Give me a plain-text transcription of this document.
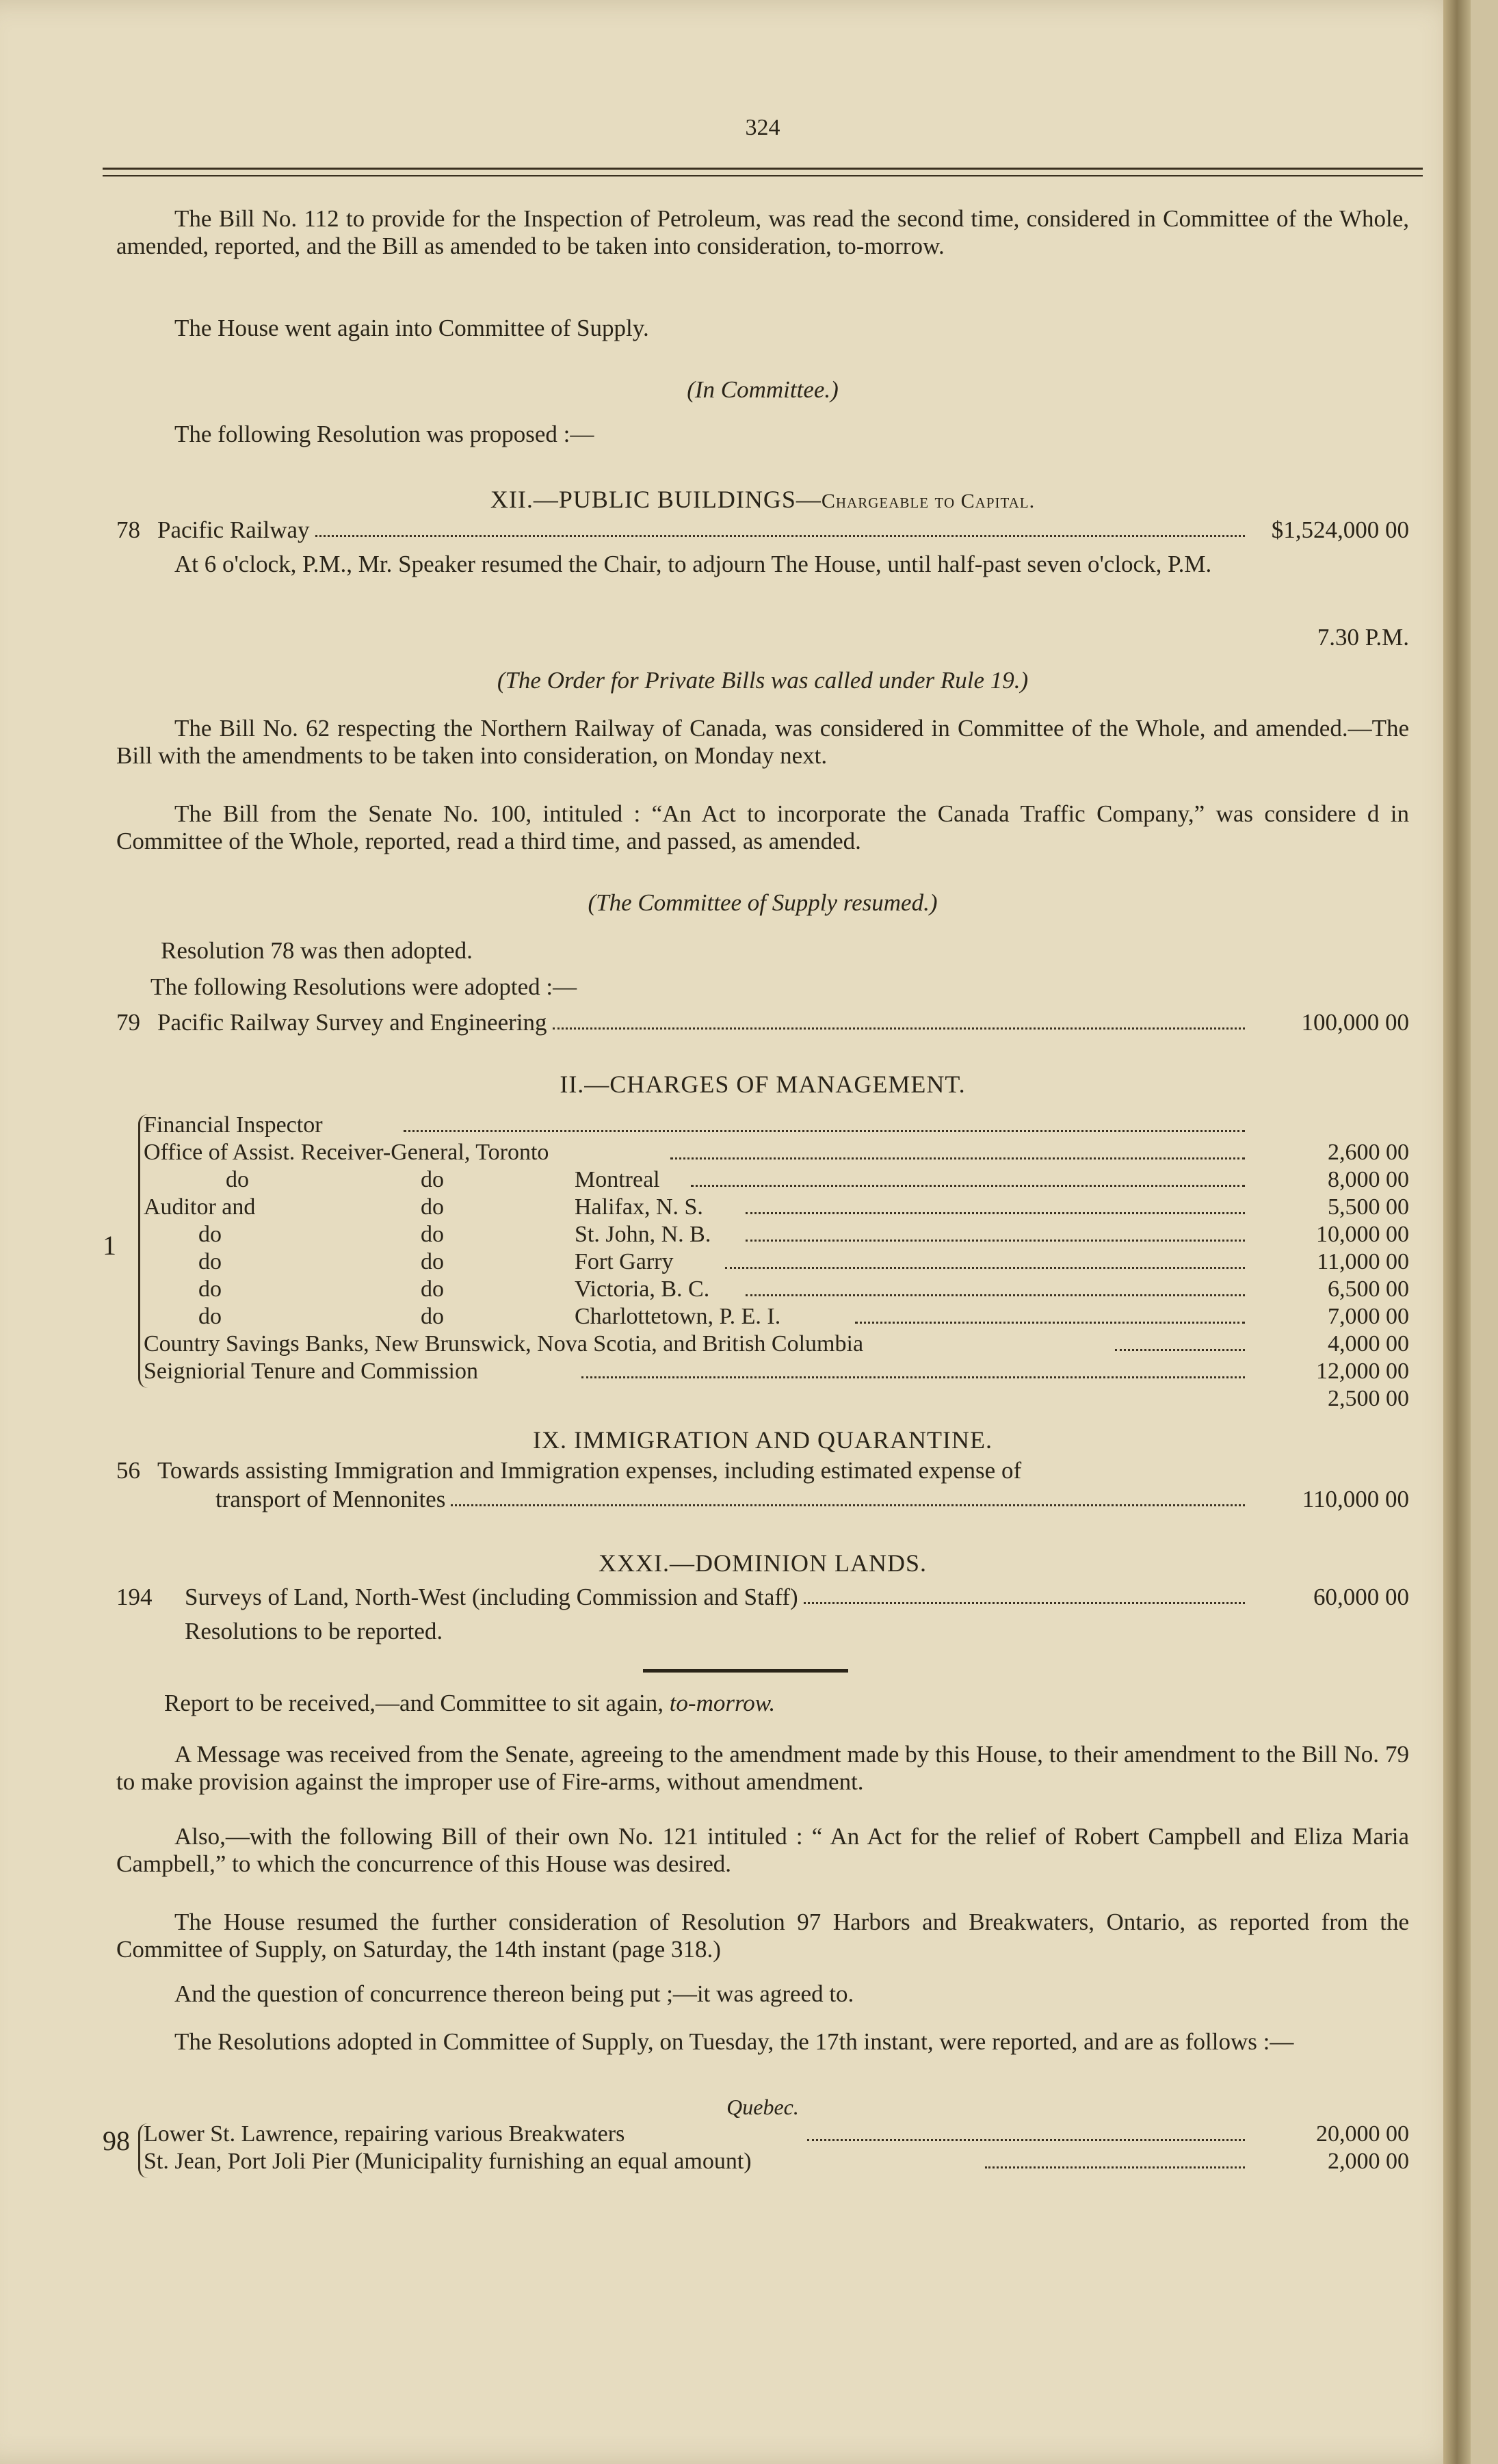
324

The Bill No. 112 to provide for the Inspection of Petroleum, was read the second time, considered in Committee of the Whole, amended, reported, and the Bill as amended to be taken into consideration, to-morrow.

The House went again into Committee of Supply.

(In Committee.)

The following Resolution was proposed :—

XII.—PUBLIC BUILDINGS—Chargeable to Capital.

78 Pacific Railway	$1,524,000 00

At 6 o'clock, P.M., Mr. Speaker resumed the Chair, to adjourn The House, until half-past seven o'clock, P.M.

7.30 P.M.

(The Order for Private Bills was called under Rule 19.)

The Bill No. 62 respecting the Northern Railway of Canada, was considered in Committee of the Whole, and amended.—The Bill with the amendments to be taken into consideration, on Monday next.

The Bill from the Senate No. 100, intituled : “An Act to incorporate the Canada Traffic Company,” was considere d in Committee of the Whole, reported, read a third time, and passed, as amended.

(The Committee of Supply resumed.)

Resolution 78 was then adopted.

The following Resolutions were adopted :—

79 Pacific Railway Survey and Engineering	100,000 00

II.—CHARGES OF MANAGEMENT.

1
Financial Inspector
Office of Assist. Receiver-General, Toronto	2,600 00
do	do	Montreal	8,000 00
Auditor and	do	Halifax, N. S.	5,500 00
do	do	St. John, N. B.	10,000 00
do	do	Fort Garry	11,000 00
do	do	Victoria, B. C.	6,500 00
do	do	Charlottetown, P. E. I.	7,000 00
Country Savings Banks, New Brunswick, Nova Scotia, and British Columbia	4,000 00
Seigniorial Tenure and Commission	12,000 00
2,500 00

IX. IMMIGRATION AND QUARANTINE.

56 Towards assisting Immigration and Immigration expenses, including estimated expense of
transport of Mennonites	110,000 00

XXXI.—DOMINION LANDS.

194	Surveys of Land, North-West (including Commission and Staff)	60,000 00

Resolutions to be reported.

Report to be received,—and Committee to sit again, to-morrow.

A Message was received from the Senate, agreeing to the amendment made by this House, to their amendment to the Bill No. 79 to make provision against the improper use of Fire-arms, without amendment.

Also,—with the following Bill of their own No. 121 intituled : “ An Act for the relief of Robert Campbell and Eliza Maria Campbell,” to which the concurrence of this House was desired.

The House resumed the further consideration of Resolution 97 Harbors and Breakwaters, Ontario, as reported from the Committee of Supply, on Saturday, the 14th instant (page 318.)

And the question of concurrence thereon being put ;—it was agreed to.

The Resolutions adopted in Committee of Supply, on Tuesday, the 17th instant, were reported, and are as follows :—

Quebec.

98 Lower St. Lawrence, repairing various Breakwaters	20,000 00
St. Jean, Port Joli Pier (Municipality furnishing an equal amount)	2,000 00
